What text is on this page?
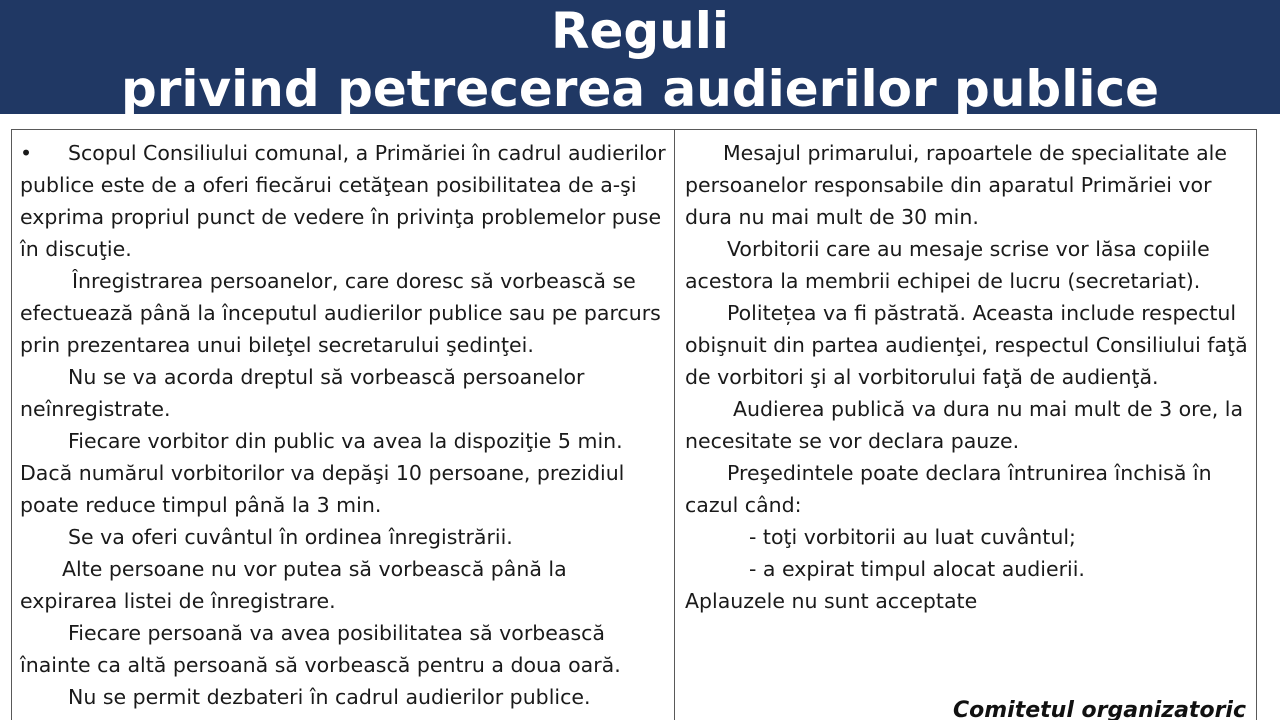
Reguli
privind petrecerea audierilor publice

• Scopul Consiliului comunal, a Primăriei în cadrul audierilor publice este de a oferi fiecărui cetăţean posibilitatea de a-şi exprima propriul punct de vedere în privinţa problemelor puse în discuţie.

Înregistrarea persoanelor, care doresc să vorbească se efectuează până la începutul audierilor publice sau pe parcurs prin prezentarea unui bileţel secretarului şedinţei.

Nu se va acorda dreptul să vorbească persoanelor neînregistrate.

Fiecare vorbitor din public va avea la dispoziţie 5 min. Dacă numărul vorbitorilor va depăşi 10 persoane, prezidiul poate reduce timpul până la 3 min.

Se va oferi cuvântul în ordinea înregistrării.

Alte persoane nu vor putea să vorbească până la expirarea listei de înregistrare.

Fiecare persoană va avea posibilitatea să vorbească înainte ca altă persoană să vorbească pentru a doua oară.

Nu se permit dezbateri în cadrul audierilor publice.

Mesajul primarului, rapoartele de specialitate ale persoanelor responsabile din aparatul Primăriei vor dura nu mai mult de 30 min.

Vorbitorii care au mesaje scrise vor lăsa copiile acestora la membrii echipei de lucru (secretariat).

Politețea va fi păstrată. Aceasta include respectul obişnuit din partea audienţei, respectul Consiliului faţă de vorbitori şi al vorbitorului faţă de audienţă.

Audierea publică va dura nu mai mult de 3 ore, la necesitate se vor declara pauze.

Preşedintele poate declara întrunirea închisă în cazul când:

- toţi vorbitorii au luat cuvântul;

- a expirat timpul alocat audierii.

Aplauzele nu sunt acceptate

Comitetul organizatoric
